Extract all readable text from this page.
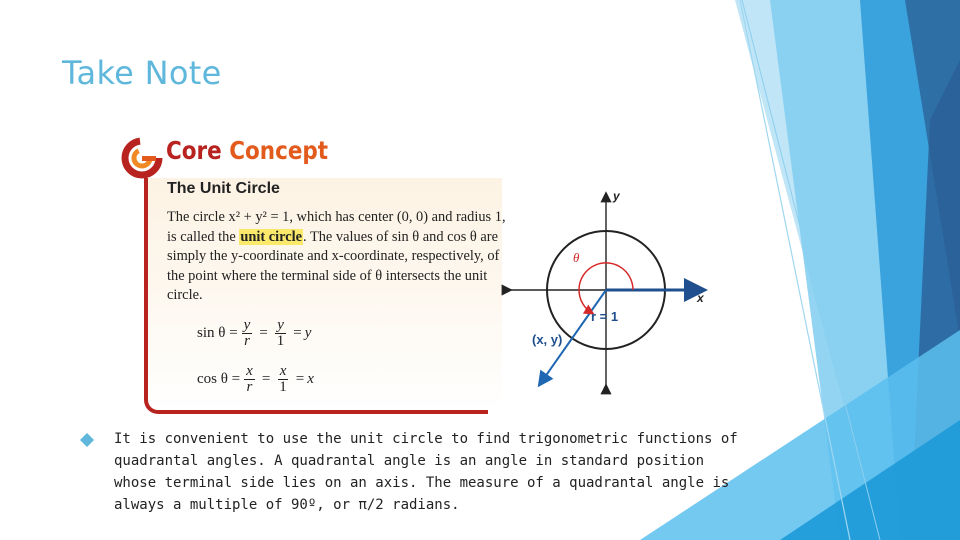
Take Note

Core Concept

The Unit Circle

The circle x² + y² = 1, which has center (0, 0) and radius 1, is called the unit circle. The values of sin θ and cos θ are simply the y-coordinate and x-coordinate, respectively, of the point where the terminal side of θ intersects the unit circle.

$\sin \theta = \frac{y}{r} = \frac{y}{1} = y$
$\cos \theta = \frac{x}{r} = \frac{x}{1} = x$
y
x
θ
r = 1
(x, y)

It is convenient to use the unit circle to find trigonometric functions of quadrantal angles. A quadrantal angle is an angle in standard position whose terminal side lies on an axis. The measure of a quadrantal angle is always a multiple of 90º, or π/2 radians.
